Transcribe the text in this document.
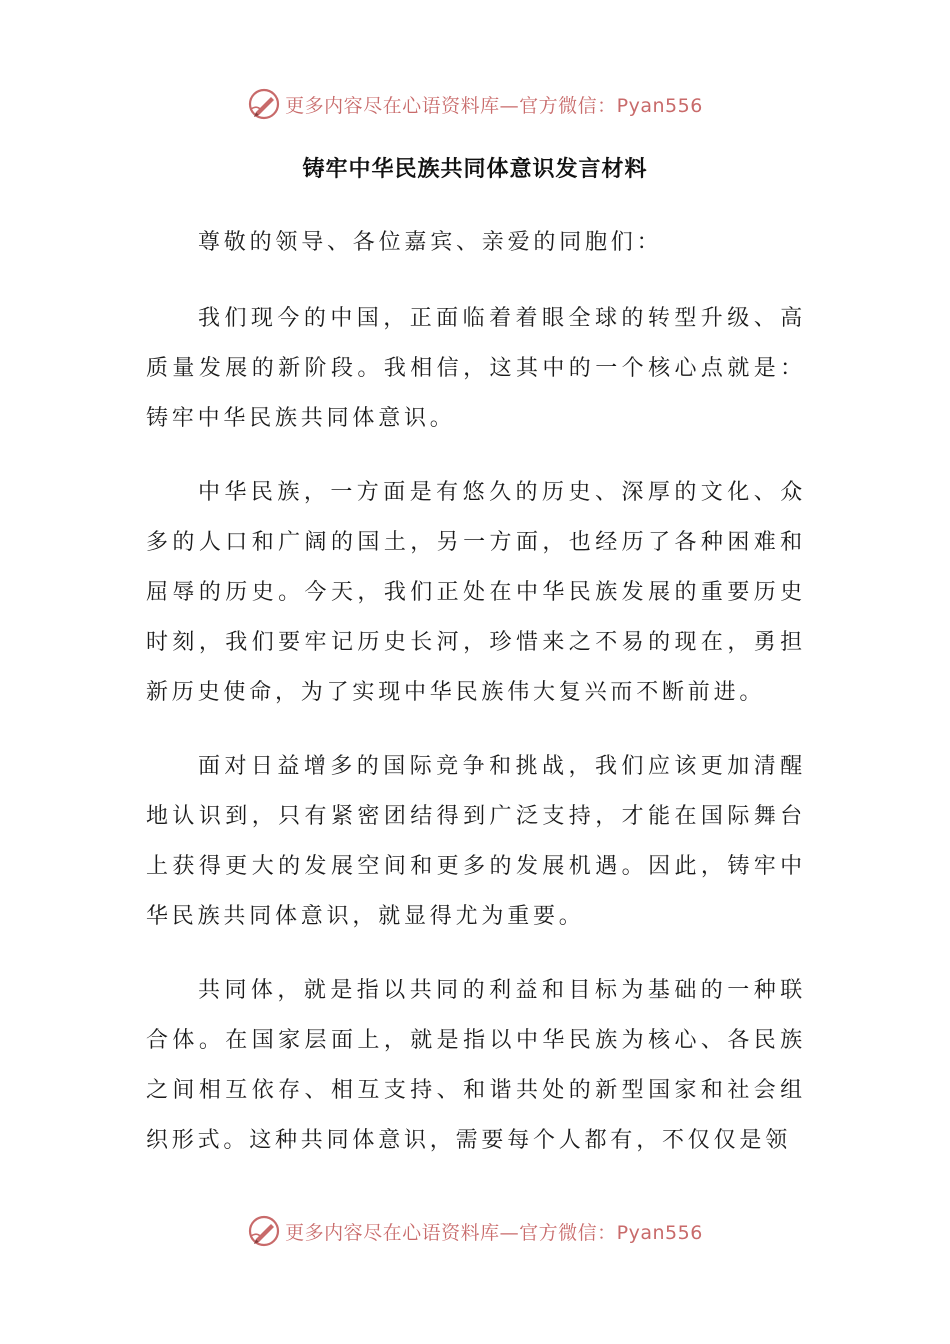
更多内容尽在心语资料库— 官方微信：Pyan556
铸牢中华民族共同体意识发言材料

尊敬的领导、各位嘉宾、亲爱的同胞们：

我们现今的中国，正面临着着眼全球的转型升级、高质量发展的新阶段。我相信，这其中的一个核心点就是：铸牢中华民族共同体意识。

中华民族，一方面是有悠久的历史、深厚的文化、众多的人口和广阔的国土，另一方面，也经历了各种困难和屈辱的历史。今天，我们正处在中华民族发展的重要历史时刻，我们要牢记历史长河，珍惜来之不易的现在，勇担新历史使命，为了实现中华民族伟大复兴而不断前进。

面对日益增多的国际竞争和挑战，我们应该更加清醒地认识到，只有紧密团结得到广泛支持，才能在国际舞台上获得更大的发展空间和更多的发展机遇。因此，铸牢中华民族共同体意识，就显得尤为重要。

共同体，就是指以共同的利益和目标为基础的一种联合体。在国家层面上，就是指以中华民族为核心、各民族之间相互依存、相互支持、和谐共处的新型国家和社会组织形式。这种共同体意识，需要每个人都有，不仅仅是领

更多内容尽在心语资料库— 官方微信：Pyan556
